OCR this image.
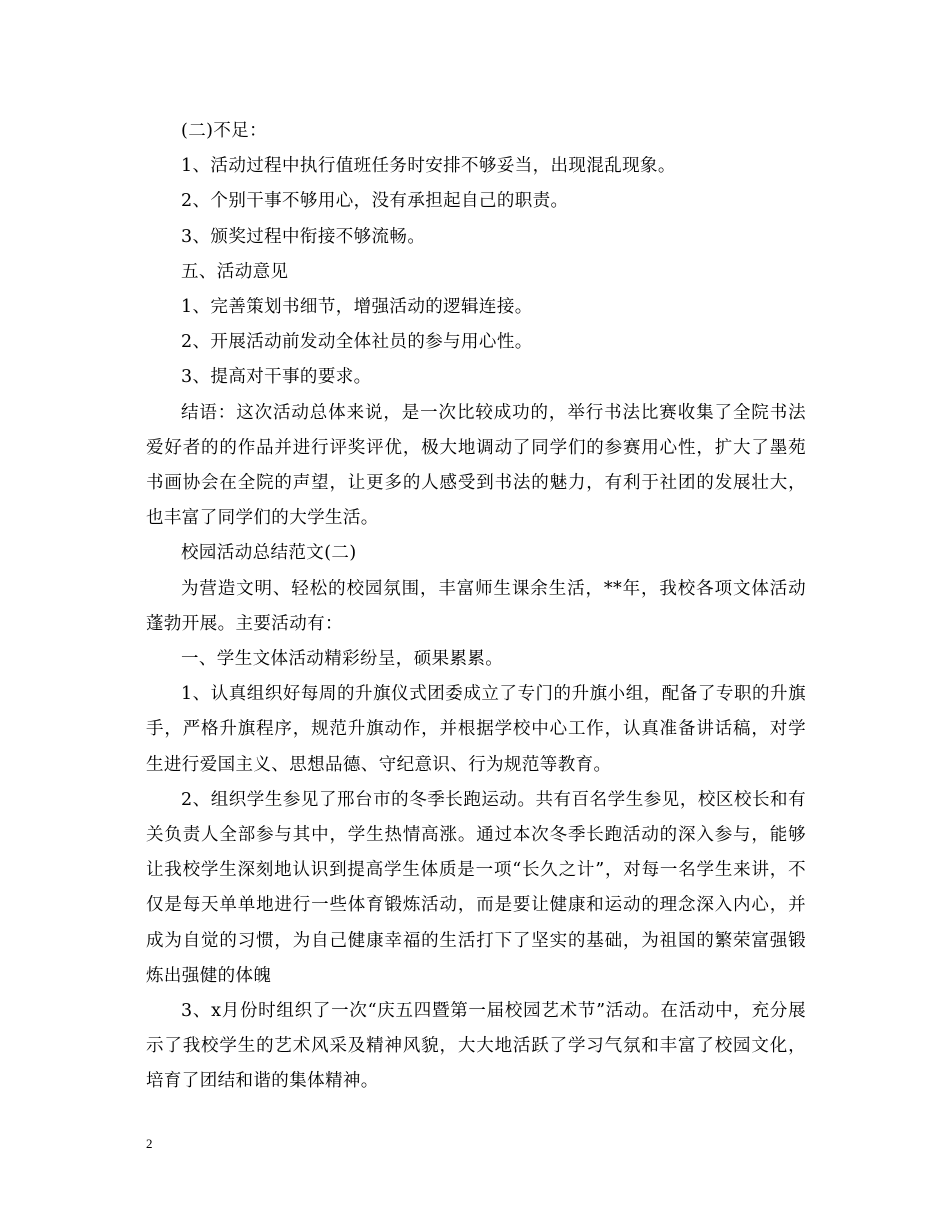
(二)不足：

1、活动过程中执行值班任务时安排不够妥当，出现混乱现象。

2、个别干事不够用心，没有承担起自己的职责。

3、颁奖过程中衔接不够流畅。

五、活动意见

1、完善策划书细节，增强活动的逻辑连接。

2、开展活动前发动全体社员的参与用心性。

3、提高对干事的要求。

结语：这次活动总体来说，是一次比较成功的，举行书法比赛收集了全院书法爱好者的的作品并进行评奖评优，极大地调动了同学们的参赛用心性，扩大了墨苑书画协会在全院的声望，让更多的人感受到书法的魅力，有利于社团的发展壮大，也丰富了同学们的大学生活。

校园活动总结范文(二)

为营造文明、轻松的校园氛围，丰富师生课余生活，**年，我校各项文体活动蓬勃开展。主要活动有：

一、学生文体活动精彩纷呈，硕果累累。

1、认真组织好每周的升旗仪式团委成立了专门的升旗小组，配备了专职的升旗手，严格升旗程序，规范升旗动作，并根据学校中心工作，认真准备讲话稿，对学生进行爱国主义、思想品德、守纪意识、行为规范等教育。

2、组织学生参见了邢台市的冬季长跑运动。共有百名学生参见，校区校长和有关负责人全部参与其中，学生热情高涨。通过本次冬季长跑活动的深入参与，能够让我校学生深刻地认识到提高学生体质是一项“长久之计”，对每一名学生来讲，不仅是每天单单地进行一些体育锻炼活动，而是要让健康和运动的理念深入内心，并成为自觉的习惯，为自己健康幸福的生活打下了坚实的基础，为祖国的繁荣富强锻炼出强健的体魄

3、x月份时组织了一次“庆五四暨第一届校园艺术节”活动。在活动中，充分展示了我校学生的艺术风采及精神风貌，大大地活跃了学习气氛和丰富了校园文化，培育了团结和谐的集体精神。

2
